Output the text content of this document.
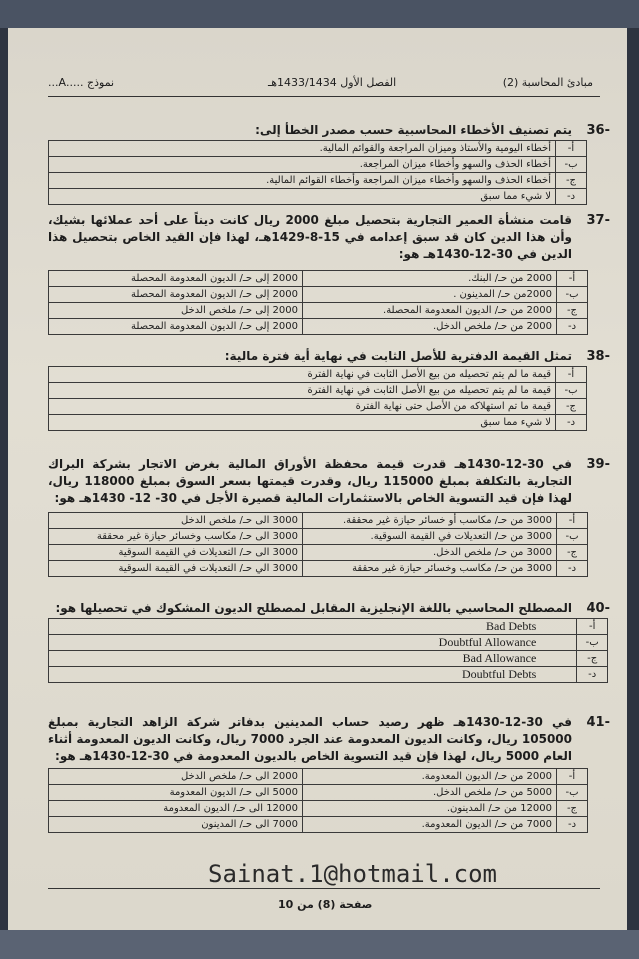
مبادئ المحاسبة (2)
الفصل الأول 1433/1434هـ
نموذج .....A...
36-
يتم تصنيف الأخطاء المحاسبية حسب مصدر الخطأ إلى:
أخطاء اليومية والأستاذ وميزان المراجعة والقوائم المالية.	أ-
أخطاء الحذف والسهو وأخطاء ميزان المراجعة.	ب-
أخطاء الحذف والسهو وأخطاء ميزان المراجعة وأخطاء القوائم المالية.	ج-
لا شيء مما سبق	د-
37-
قامت منشأة العمير التجارية بتحصيل مبلغ 2000 ريال كانت ديناً على أحد عملائها بشيك، وأن هذا الدين كان قد سبق إعدامه في 15-8-1429هـ، لهذا فإن القيد الخاص بتحصيل هذا الدين في 30-12-1430هـ هو:
2000 إلى حـ/ الديون المعدومة المحصلة	2000 من حـ/ البنك.	أ-
2000 إلى حـ/ الديون المعدومة المحصلة	2000من حـ/ المدينون .	ب-
2000 إلى حـ/ ملخص الدخل	2000 من حـ/ الديون المعدومة المحصلة.	ج-
2000 إلى حـ/ الديون المعدومة المحصلة	2000 من حـ/ ملخص الدخل.	د-
38-
تمثل القيمة الدفترية للأصل الثابت في نهاية أية فترة مالية:
قيمة ما لم يتم تحصيله من بيع الأصل الثابت في نهاية الفترة	أ-
قيمة ما لم يتم تحصيله من بيع الأصل الثابت في نهاية الفترة	ب-
قيمة ما تم استهلاكه من الأصل حتى نهاية الفترة	ج-
لا شيء مما سبق	د-
39-
في 30-12-1430هـ قدرت قيمة محفظة الأوراق المالية بغرض الاتجار بشركة البراك التجارية بالتكلفة بمبلغ 115000 ريال، وقدرت قيمتها بسعر السوق بمبلغ 118000 ريال، لهذا فإن قيد التسوية الخاص بالاستثمارات المالية قصيرة الأجل في 30- 12- 1430هـ هو:
3000 الى حـ/ ملخص الدخل	3000 من حـ/ مكاسب أو خسائر حيازة غير محققة.	أ-
3000 الى حـ/ مكاسب وخسائر حيازة غير محققة	3000 من حـ/ التعديلات في القيمة السوقية.	ب-
3000 الى حـ/ التعديلات في القيمة السوقية	3000 من حـ/ ملخص الدخل.	ج-
3000 الي حـ/ التعديلات في القيمة السوقية	3000 من حـ/ مكاسب وخسائر حيازة غير محققة	د-
40-
المصطلح المحاسبي باللغة الإنجليزية المقابل لمصطلح الديون المشكوك في تحصيلها هو:
Bad Debts	أ-
Doubtful Allowance	ب-
Bad Allowance	ج-
Doubtful Debts	د-
41-
في 30-12-1430هـ ظهر رصيد حساب المدينين بدفاتر شركة الزاهد التجارية بمبلغ 105000 ريال، وكانت الديون المعدومة عند الجرد 7000 ريال، وكانت الديون المعدومة أثناء العام 5000 ريال، لهذا فإن قيد التسوية الخاص بالديون المعدومة في 30-12-1430هـ هو:
2000 الى حـ/ ملخص الدخل	2000 من حـ/ الديون المعدومة.	أ-
5000 الى حـ/ الديون المعدومة	5000 من حـ/ ملخص الدخل.	ب-
12000 الى حـ/ الديون المعدومة	12000 من حـ/ المدينون.	ج-
7000 الى حـ/ المدينون	7000 من حـ/ الديون المعدومة.	د-
Sainat.1@hotmail.com
صفحة (8) من 10
